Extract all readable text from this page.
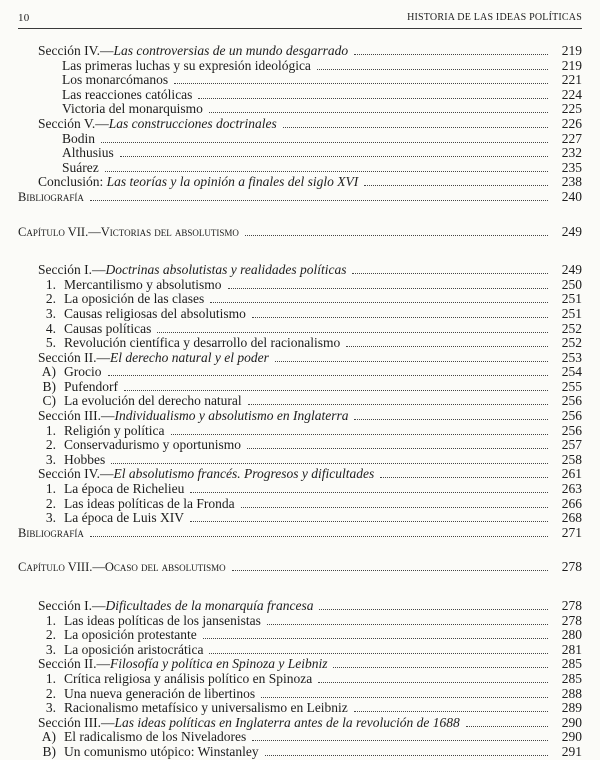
10	HISTORIA DE LAS IDEAS POLÍTICAS
Sección IV.—Las controversias de un mundo desgarrado	219
Las primeras luchas y su expresión ideológica	219
Los monarcómanos	221
Las reacciones católicas	224
Victoria del monarquismo	225
Sección V.—Las construcciones doctrinales	226
Bodin	227
Althusius	232
Suárez	235
Conclusión: Las teorías y la opinión a finales del siglo XVI	238
Bibliografía	240
Capítulo VII.—Victorias del absolutismo	249
Sección I.—Doctrinas absolutistas y realidades políticas	249
1. Mercantilismo y absolutismo	250
2. La oposición de las clases	251
3. Causas religiosas del absolutismo	251
4. Causas políticas	252
5. Revolución científica y desarrollo del racionalismo	252
Sección II.—El derecho natural y el poder	253
A) Grocio	254
B) Pufendorf	255
C) La evolución del derecho natural	256
Sección III.—Individualismo y absolutismo en Inglaterra	256
1. Religión y política	256
2. Conservadurismo y oportunismo	257
3. Hobbes	258
Sección IV.—El absolutismo francés. Progresos y dificultades	261
1. La época de Richelieu	263
2. Las ideas políticas de la Fronda	266
3. La época de Luis XIV	268
Bibliografía	271
Capítulo VIII.—Ocaso del absolutismo	278
Sección I.—Dificultades de la monarquía francesa	278
1. Las ideas políticas de los jansenistas	278
2. La oposición protestante	280
3. La oposición aristocrática	281
Sección II.—Filosofía y política en Spinoza y Leibniz	285
1. Crítica religiosa y análisis político en Spinoza	285
2. Una nueva generación de libertinos	288
3. Racionalismo metafísico y universalismo en Leibniz	289
Sección III.—Las ideas políticas en Inglaterra antes de la revolución de 1688	290
A) El radicalismo de los Niveladores	290
B) Un comunismo utópico: Winstanley	291
